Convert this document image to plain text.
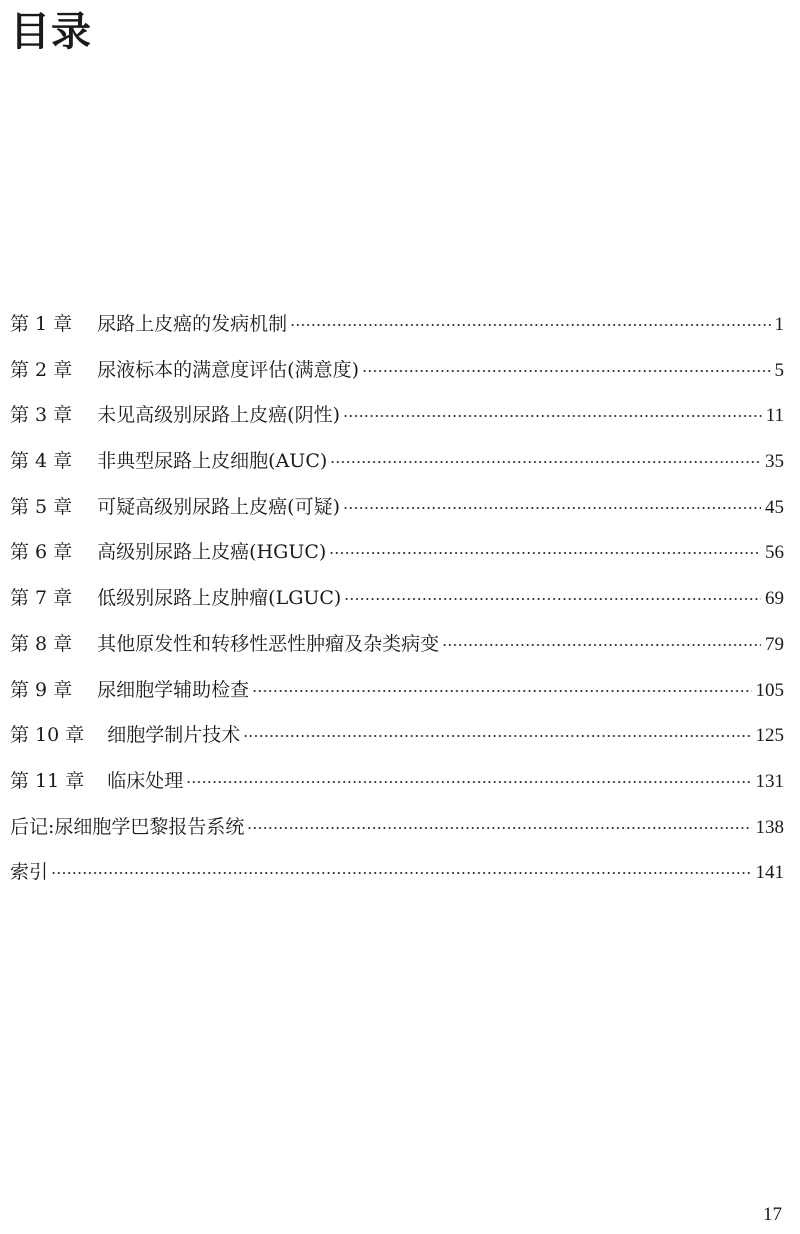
目录
第 1 章 尿路上皮癌的发病机制	1
第 2 章 尿液标本的满意度评估(满意度)	5
第 3 章 未见高级别尿路上皮癌(阴性)	11
第 4 章 非典型尿路上皮细胞(AUC)	35
第 5 章 可疑高级别尿路上皮癌(可疑)	45
第 6 章 高级别尿路上皮癌(HGUC)	56
第 7 章 低级别尿路上皮肿瘤(LGUC)	69
第 8 章 其他原发性和转移性恶性肿瘤及杂类病变	79
第 9 章 尿细胞学辅助检查	105
第 10 章 细胞学制片技术	125
第 11 章 临床处理	131
后记:尿细胞学巴黎报告系统	138
索引	141
17
